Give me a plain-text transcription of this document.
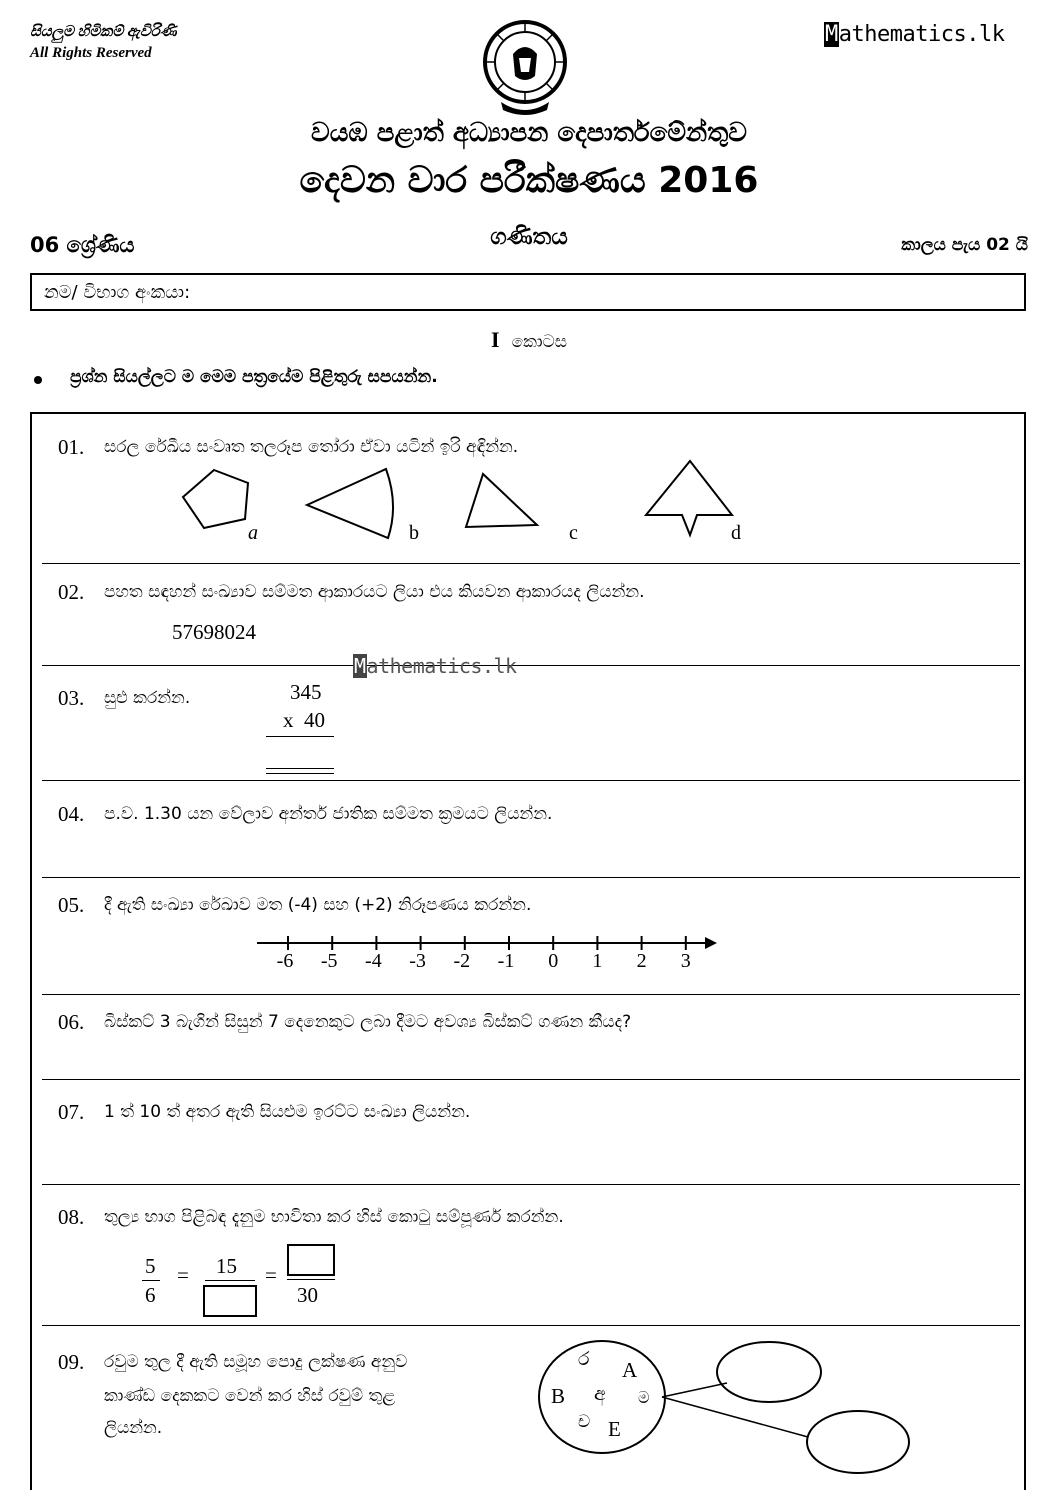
සියලුම හිමිකම් ඇවිරිණි
All Rights Reserved
Mathematics.lk
වයඹ පළාත් අධ්‍යාපන දෙපාර්තමේන්තුව
දෙවන වාර පරීක්ෂණය 2016
06 ශ්‍රේණිය	ගණිතය	කාලය පැය 02 යි
නම/ විභාග අංකයා:
I කොටස
ප්‍රශ්න සියල්ලට ම මෙම පත්‍රයේම පිළිතුරු සපයන්න.
01. සරල රේඛීය සංවෘත තලරූප තෝරා ඒවා යටින් ඉරි අඳින්න.
a	b	c	d
02. පහත සඳහන් සංඛ්‍යාව සම්මත ආකාරයට ලියා එය කියවන ආකාරයද ලියන්න.
57698024
Mathematics.lk
03. සුළු කරන්න.	345
x  40
04. ප.ව. 1.30 යන වේලාව අන්තර් ජාතික සම්මත ක්‍රමයට ලියන්න.
05. දී ඇති සංඛ්‍යා රේඛාව මත (-4) සහ (+2) නිරූපණය කරන්න.
-6	-5	-4	-3	-2	-1	0	1	2	3
06. බිස්කට් 3 බැගින් සිසුන් 7 දෙනෙකුට ලබා දීමට අවශ්‍ය බිස්කට් ගණන කීයද?
07. 1 ත් 10 ත් අතර ඇති සියළුම ඉරට්ට සංඛ්‍යා ලියන්න.
08. තුල්‍ය භාග පිළිබඳ දැනුම භාවිතා කර හිස් කොටු සම්පූර්ණ කරන්න.
5
6
= 15 =
30
09. රවුම තුල දී ඇති සමූහ පොදු ලක්ෂණ අනුව
කාණ්ඩ දෙකකට වෙන් කර හිස් රවුම් තුළ
ලියන්න.
ර A
B අ ම
ච E
